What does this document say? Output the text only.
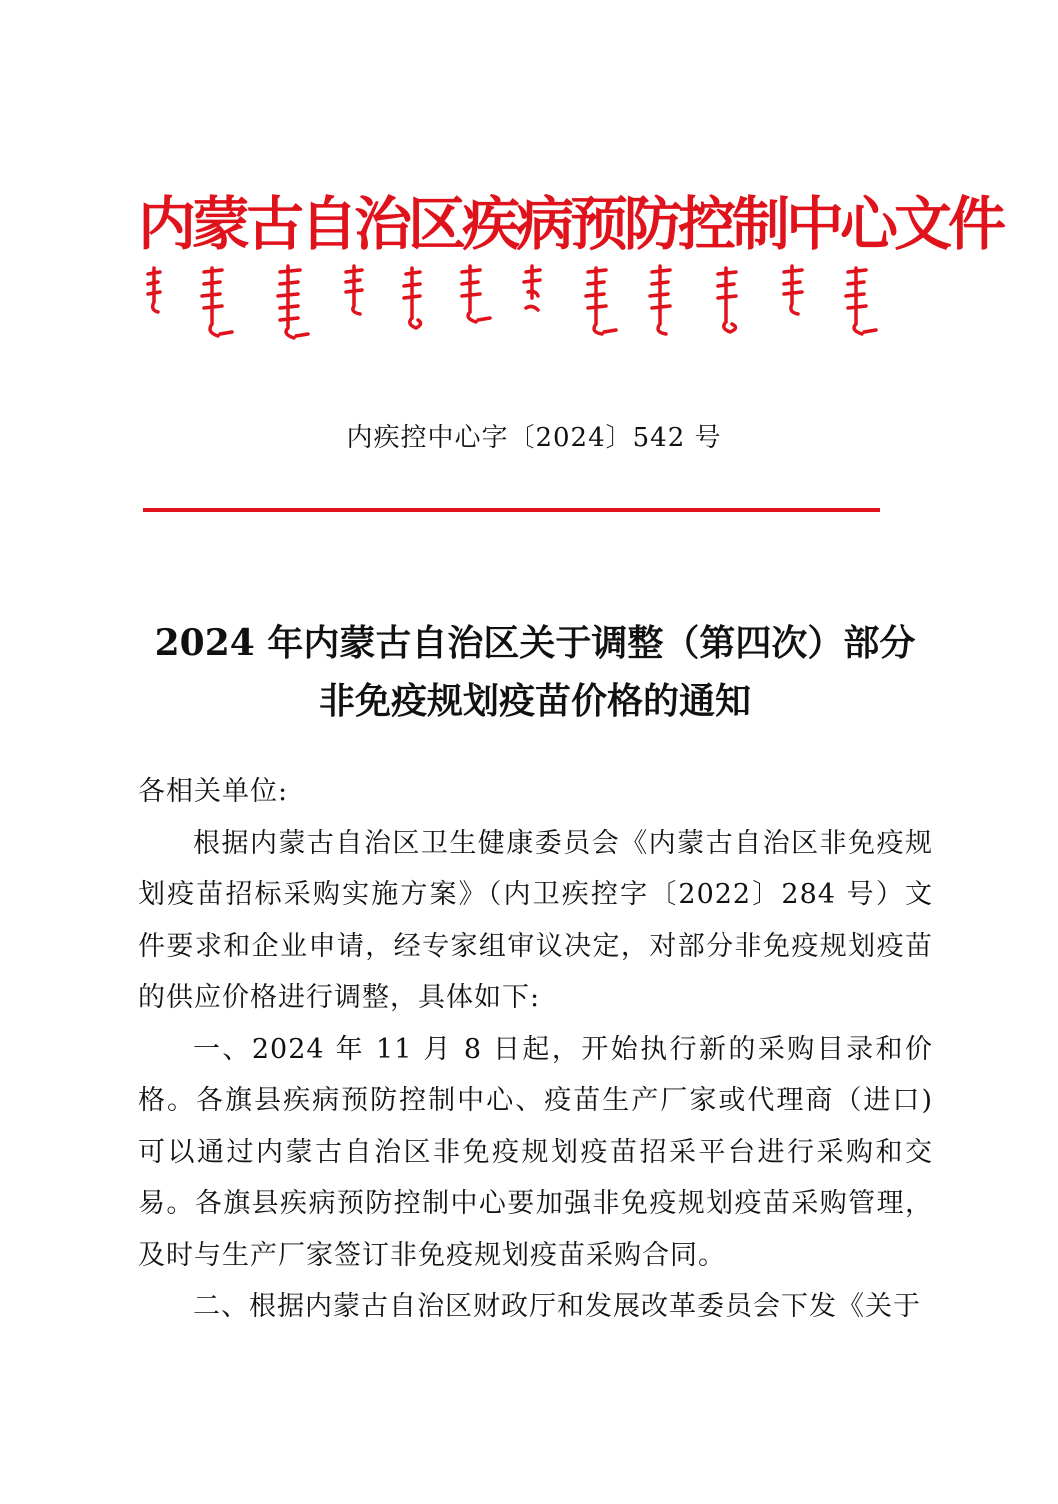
内蒙古自治区疾病预防控制中心文件
内疾控中心字〔2024〕542 号
2024 年内蒙古自治区关于调整（第四次）部分
非免疫规划疫苗价格的通知

各相关单位:

根据内蒙古自治区卫生健康委员会《内蒙古自治区非免疫规划疫苗招标采购实施方案》（内卫疾控字〔2022〕284 号）文件要求和企业申请，经专家组审议决定，对部分非免疫规划疫苗的供应价格进行调整，具体如下:

一、2024 年 11 月 8 日起，开始执行新的采购目录和价格。各旗县疾病预防控制中心、疫苗生产厂家或代理商（进口)可以通过内蒙古自治区非免疫规划疫苗招采平台进行采购和交易。各旗县疾病预防控制中心要加强非免疫规划疫苗采购管理，及时与生产厂家签订非免疫规划疫苗采购合同。

二、根据内蒙古自治区财政厅和发展改革委员会下发《关于
